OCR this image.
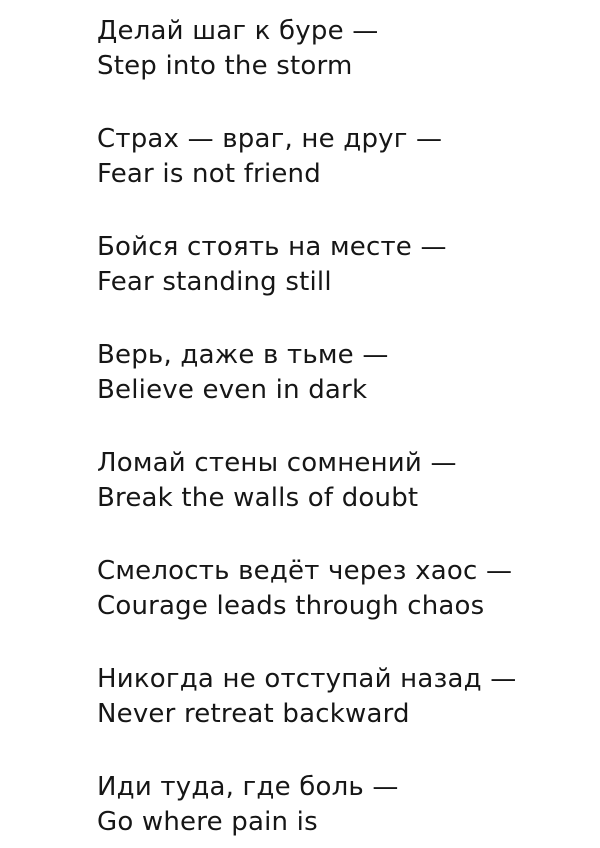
Делай шаг к буре —
Step into the storm
Страх — враг, не друг —
Fear is not friend
Бойся стоять на месте —
Fear standing still
Верь, даже в тьме —
Believe even in dark
Ломай стены сомнений —
Break the walls of doubt
Смелость ведёт через хаос —
Courage leads through chaos
Никогда не отступай назад —
Never retreat backward
Иди туда, где боль —
Go where pain is
